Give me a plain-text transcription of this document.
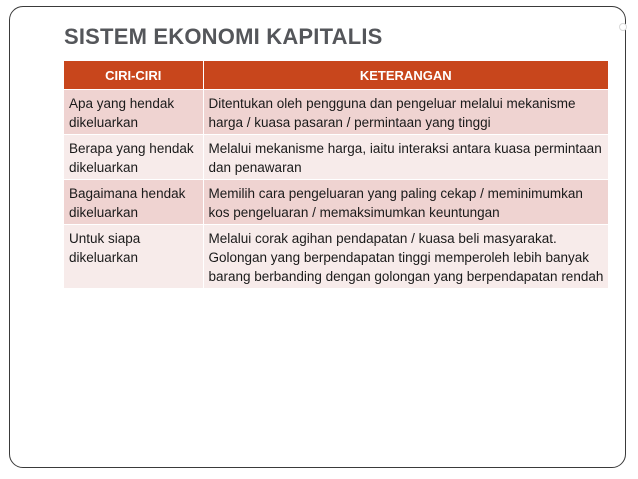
SISTEM EKONOMI KAPITALIS
CIRI-CIRI	KETERANGAN
Apa yang hendak dikeluarkan	Ditentukan oleh pengguna dan pengeluar melalui mekanisme harga / kuasa pasaran / permintaan yang tinggi
Berapa yang hendak dikeluarkan	Melalui mekanisme harga, iaitu interaksi antara kuasa permintaan dan penawaran
Bagaimana hendak dikeluarkan	Memilih cara pengeluaran yang paling cekap / meminimumkan kos pengeluaran / memaksimumkan keuntungan
Untuk siapa dikeluarkan	Melalui corak agihan pendapatan / kuasa beli masyarakat. Golongan yang berpendapatan tinggi memperoleh lebih banyak barang berbanding dengan golongan yang berpendapatan rendah
